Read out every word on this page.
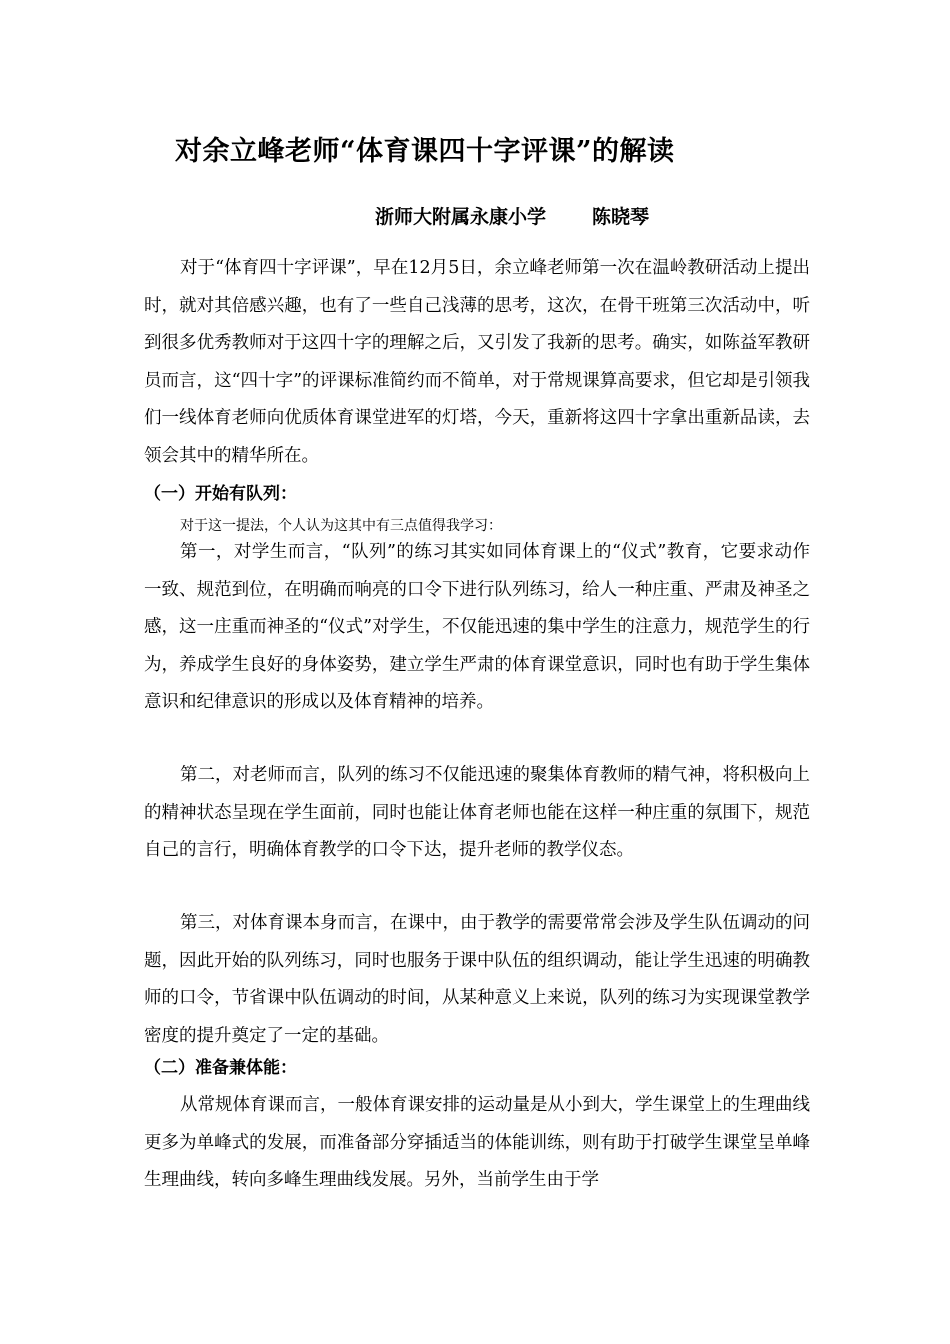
对余立峰老师“体育课四十字评课”的解读
浙师大附属永康小学 陈晓琴

对于“体育四十字评课”，早在12月5日，余立峰老师第一次在温岭教研活动上提出时，就对其倍感兴趣，也有了一些自己浅薄的思考，这次，在骨干班第三次活动中，听到很多优秀教师对于这四十字的理解之后，又引发了我新的思考。确实，如陈益军教研员而言，这“四十字”的评课标准简约而不简单，对于常规课算高要求，但它却是引领我们一线体育老师向优质体育课堂进军的灯塔，今天，重新将这四十字拿出重新品读，去领会其中的精华所在。

（一）开始有队列：

对于这一提法，个人认为这其中有三点值得我学习：

第一，对学生而言，“队列”的练习其实如同体育课上的“仪式”教育，它要求动作一致、规范到位，在明确而响亮的口令下进行队列练习，给人一种庄重、严肃及神圣之感，这一庄重而神圣的“仪式”对学生，不仅能迅速的集中学生的注意力，规范学生的行为，养成学生良好的身体姿势，建立学生严肃的体育课堂意识，同时也有助于学生集体意识和纪律意识的形成以及体育精神的培养。

第二，对老师而言，队列的练习不仅能迅速的聚集体育教师的精气神，将积极向上的精神状态呈现在学生面前，同时也能让体育老师也能在这样一种庄重的氛围下，规范自己的言行，明确体育教学的口令下达，提升老师的教学仪态。

第三，对体育课本身而言，在课中，由于教学的需要常常会涉及学生队伍调动的问题，因此开始的队列练习，同时也服务于课中队伍的组织调动，能让学生迅速的明确教师的口令，节省课中队伍调动的时间，从某种意义上来说，队列的练习为实现课堂教学密度的提升奠定了一定的基础。

（二）准备兼体能：

从常规体育课而言，一般体育课安排的运动量是从小到大，学生课堂上的生理曲线更多为单峰式的发展，而准备部分穿插适当的体能训练，则有助于打破学生课堂呈单峰生理曲线，转向多峰生理曲线发展。另外，当前学生由于学
